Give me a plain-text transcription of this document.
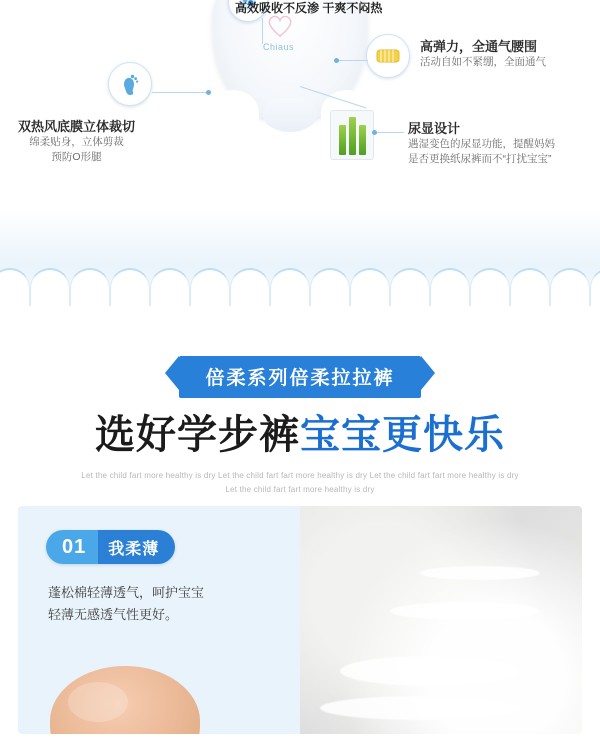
Chiaus
高效吸收不反渗 干爽不闷热
双热风底膜立体裁切
绵柔贴身，立体剪裁
预防O形腿
高弹力，全通气腰围
活动自如不紧绷，全面通气
尿显设计
遇湿变色的尿显功能，提醒妈妈
是否更换纸尿裤而不“打扰宝宝”
倍柔系列倍柔拉拉裤
选好学步裤宝宝更快乐
Let the child fart more healthy is dry Let the child fart fart more healthy is dry Let the child fart fart more healthy is dry
Let the child fart fart more healthy is dry
01	我柔薄
蓬松棉轻薄透气，呵护宝宝
轻薄无感透气性更好。
